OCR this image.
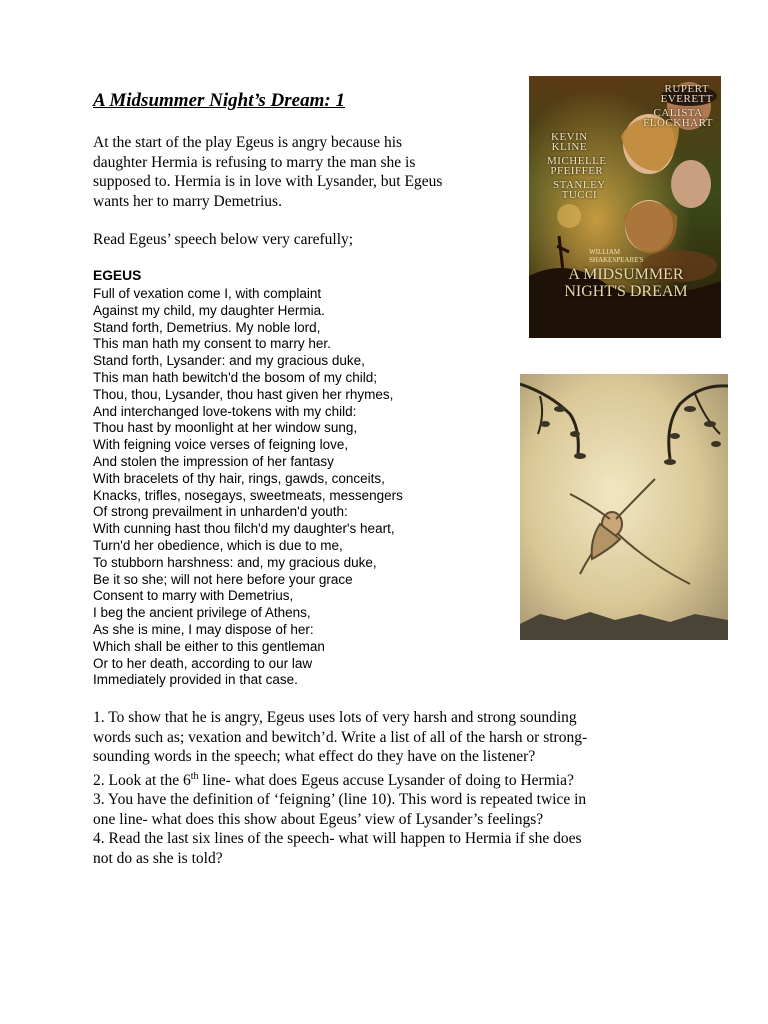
A Midsummer Night’s Dream: 1
At the start of the play Egeus is angry because his
daughter Hermia is refusing to marry the man she is
supposed to. Hermia is in love with Lysander, but Egeus
wants her to marry Demetrius.
Read Egeus’ speech below very carefully;
EGEUS
Full of vexation come I, with complaint
Against my child, my daughter Hermia.
Stand forth, Demetrius. My noble lord,
This man hath my consent to marry her.
Stand forth, Lysander: and my gracious duke,
This man hath bewitch'd the bosom of my child;
Thou, thou, Lysander, thou hast given her rhymes,
And interchanged love-tokens with my child:
Thou hast by moonlight at her window sung,
With feigning voice verses of feigning love,
And stolen the impression of her fantasy
With bracelets of thy hair, rings, gawds, conceits,
Knacks, trifles, nosegays, sweetmeats, messengers
Of strong prevailment in unharden'd youth:
With cunning hast thou filch'd my daughter's heart,
Turn'd her obedience, which is due to me,
To stubborn harshness: and, my gracious duke,
Be it so she; will not here before your grace
Consent to marry with Demetrius,
I beg the ancient privilege of Athens,
As she is mine, I may dispose of her:
Which shall be either to this gentleman
Or to her death, according to our law
Immediately provided in that case.

1. To show that he is angry, Egeus uses lots of very harsh and strong sounding
words such as; vexation and bewitch’d. Write a list of all of the harsh or strong-
sounding words in the speech; what effect do they have on the listener?

2. Look at the 6th line- what does Egeus accuse Lysander of doing to Hermia?

3. You have the definition of ‘feigning’ (line 10). This word is repeated twice in
one line- what does this show about Egeus’ view of Lysander’s feelings?

4. Read the last six lines of the speech- what will happen to Hermia if she does
not do as she is told?

RUPERT
EVERETT
CALISTA
FLOCKHART
KEVIN
KLINE
MICHELLE
PFEIFFER
STANLEY
TUCCI
WILLIAM
SHAKESPEARE'S
A MIDSUMMER NIGHT'S DREAM
